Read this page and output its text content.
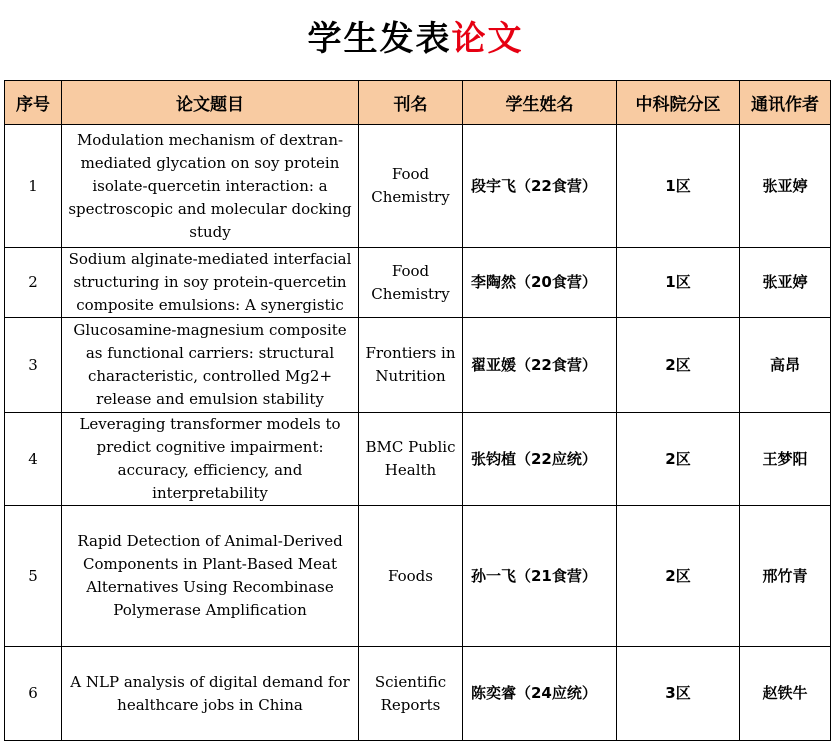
学生发表论文
序号	论文题目	刊名	学生姓名	中科院分区	通讯作者
1	Modulation mechanism of dextran-mediated glycation on soy protein isolate-quercetin interaction: a spectroscopic and molecular docking study	Food Chemistry	段宇飞（22食营）	1区	张亚婷
2	Sodium alginate-mediated interfacial structuring in soy protein-quercetin composite emulsions: A synergistic	Food Chemistry	李陶然（20食营）	1区	张亚婷
3	Glucosamine-magnesium composite as functional carriers: structural characteristic, controlled Mg2+ release and emulsion stability	Frontiers in Nutrition	翟亚媛（22食营）	2区	高昂
4	Leveraging transformer models to predict cognitive impairment: accuracy, efficiency, and interpretability	BMC Public Health	张钧植（22应统）	2区	王梦阳
5	Rapid Detection of Animal-Derived Components in Plant-Based Meat Alternatives Using Recombinase Polymerase Amplification	Foods	孙一飞（21食营）	2区	邢竹青
6	A NLP analysis of digital demand for healthcare jobs in China	Scientific Reports	陈奕睿（24应统）	3区	赵铁牛
